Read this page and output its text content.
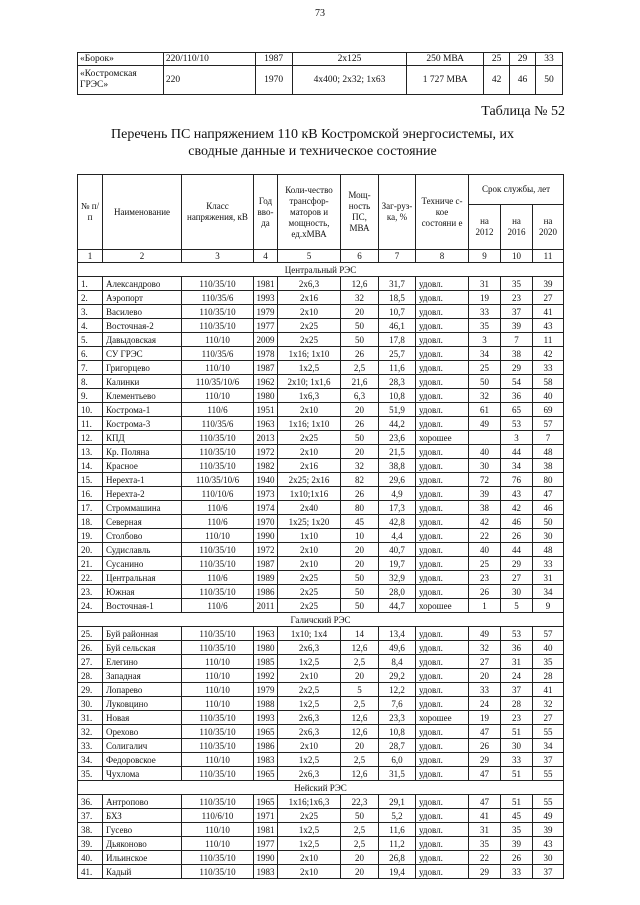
73
«Борок»	220/110/10	1987	2x125	250 МВА	25	29	33
«Костромская ГРЭС»	220	1970	4x400; 2x32; 1x63	1 727 МВА	42	46	50
Таблица № 52
Перечень ПС напряжением 110 кВ Костромской энергосистемы, их
сводные данные и техническое состояние
№ п/п	Наименование	Класс напряжения, кВ	Год вво-да	Коли-чество трансфор-маторов и мощность, ед.хМВА	Мощ-ность ПС, МВА	Заг-руз-ка, %	Техниче с-кое состояни е	Срок службы, лет		
								на 2012	на 2016	на 2020
1	2	3	4	5	6	7	8	9	10	11
Центральный РЭС										
1.	Александрово	110/35/10	1981	2x6,3	12,6	31,7	удовл.	31	35	39
2.	Аэропорт	110/35/6	1993	2x16	32	18,5	удовл.	19	23	27
3.	Василево	110/35/10	1979	2x10	20	10,7	удовл.	33	37	41
4.	Восточная-2	110/35/10	1977	2x25	50	46,1	удовл.	35	39	43
5.	Давыдовская	110/10	2009	2x25	50	17,8	удовл.	3	7	11
6.	СУ ГРЭС	110/35/6	1978	1x16; 1x10	26	25,7	удовл.	34	38	42
7.	Григорцево	110/10	1987	1x2,5	2,5	11,6	удовл.	25	29	33
8.	Калинки	110/35/10/6	1962	2x10; 1x1,6	21,6	28,3	удовл.	50	54	58
9.	Клементьево	110/10	1980	1x6,3	6,3	10,8	удовл.	32	36	40
10.	Кострома-1	110/6	1951	2x10	20	51,9	удовл.	61	65	69
11.	Кострома-3	110/35/6	1963	1x16; 1x10	26	44,2	удовл.	49	53	57
12.	КПД	110/35/10	2013	2x25	50	23,6	хорошее		3	7
13.	Кр. Поляна	110/35/10	1972	2x10	20	21,5	удовл.	40	44	48
14.	Красное	110/35/10	1982	2x16	32	38,8	удовл.	30	34	38
15.	Нерехта-1	110/35/10/6	1940	2x25; 2x16	82	29,6	удовл.	72	76	80
16.	Нерехта-2	110/10/6	1973	1x10;1x16	26	4,9	удовл.	39	43	47
17.	Строммашина	110/6	1974	2x40	80	17,3	удовл.	38	42	46
18.	Северная	110/6	1970	1x25; 1x20	45	42,8	удовл.	42	46	50
19.	Столбово	110/10	1990	1x10	10	4,4	удовл.	22	26	30
20.	Судиславль	110/35/10	1972	2x10	20	40,7	удовл.	40	44	48
21.	Сусанино	110/35/10	1987	2x10	20	19,7	удовл.	25	29	33
22.	Центральная	110/6	1989	2x25	50	32,9	удовл.	23	27	31
23.	Южная	110/35/10	1986	2x25	50	28,0	удовл.	26	30	34
24.	Восточная-1	110/6	2011	2x25	50	44,7	хорошее	1	5	9
Галичский РЭС										
25.	Буй районная	110/35/10	1963	1x10; 1x4	14	13,4	удовл.	49	53	57
26.	Буй сельская	110/35/10	1980	2x6,3	12,6	49,6	удовл.	32	36	40
27.	Елегино	110/10	1985	1x2,5	2,5	8,4	удовл.	27	31	35
28.	Западная	110/10	1992	2x10	20	29,2	удовл.	20	24	28
29.	Лопарево	110/10	1979	2x2,5	5	12,2	удовл.	33	37	41
30.	Луковцино	110/10	1988	1x2,5	2,5	7,6	удовл.	24	28	32
31.	Новая	110/35/10	1993	2x6,3	12,6	23,3	хорошее	19	23	27
32.	Орехово	110/35/10	1965	2x6,3	12,6	10,8	удовл.	47	51	55
33.	Солигалич	110/35/10	1986	2x10	20	28,7	удовл.	26	30	34
34.	Федоровское	110/10	1983	1x2,5	2,5	6,0	удовл.	29	33	37
35.	Чухлома	110/35/10	1965	2x6,3	12,6	31,5	удовл.	47	51	55
Нейский РЭС										
36.	Антропово	110/35/10	1965	1x16;1x6,3	22,3	29,1	удовл.	47	51	55
37.	БХЗ	110/6/10	1971	2x25	50	5,2	удовл.	41	45	49
38.	Гусево	110/10	1981	1x2,5	2,5	11,6	удовл.	31	35	39
39.	Дьяконово	110/10	1977	1x2,5	2,5	11,2	удовл.	35	39	43
40.	Ильинское	110/35/10	1990	2x10	20	26,8	удовл.	22	26	30
41.	Кадый	110/35/10	1983	2x10	20	19,4	удовл.	29	33	37
